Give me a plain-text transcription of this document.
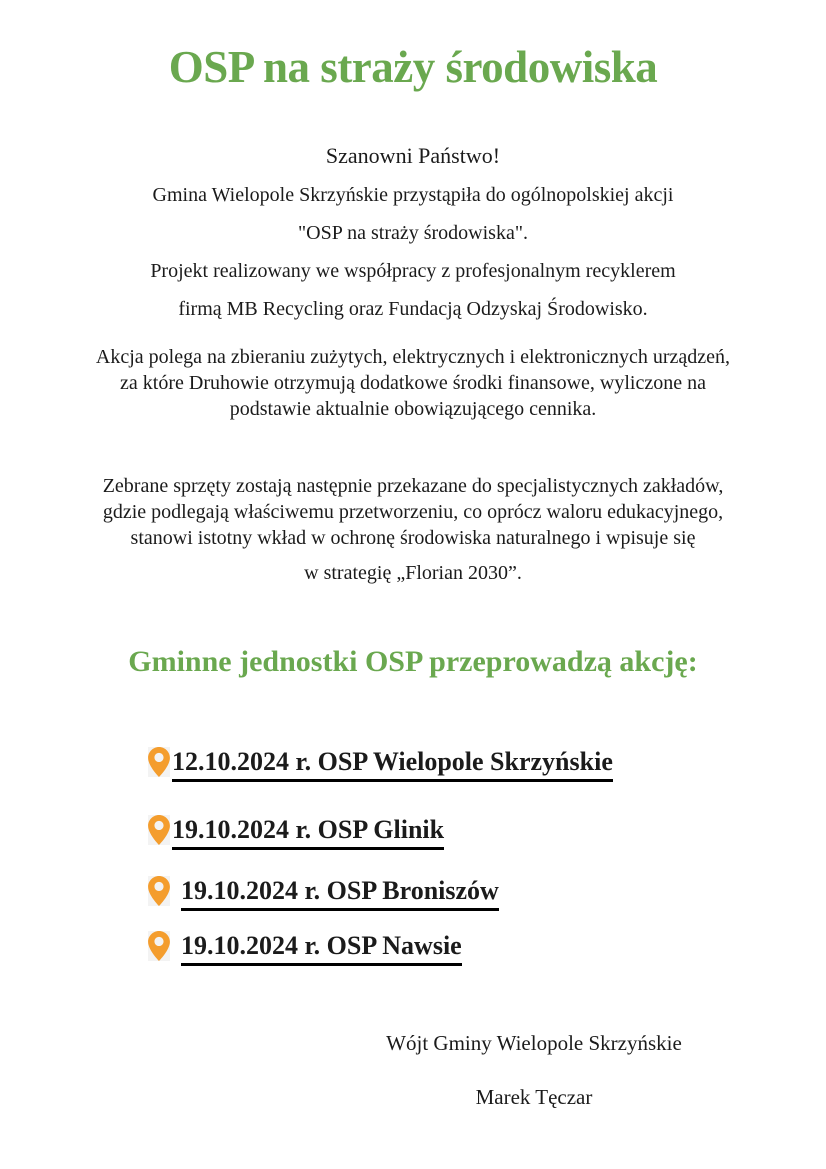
OSP na straży środowiska

Szanowni Państwo!

Gmina Wielopole Skrzyńskie przystąpiła do ogólnopolskiej akcji

"OSP na straży środowiska".

Projekt realizowany we współpracy z profesjonalnym recyklerem

firmą MB Recycling oraz Fundacją Odzyskaj Środowisko.

Akcja polega na zbieraniu zużytych, elektrycznych i elektronicznych urządzeń,
za które Druhowie otrzymują dodatkowe środki finansowe, wyliczone na
podstawie aktualnie obowiązującego cennika.
Zebrane sprzęty zostają następnie przekazane do specjalistycznych zakładów,
gdzie podlegają właściwemu przetworzeniu, co oprócz waloru edukacyjnego,
stanowi istotny wkład w ochronę środowiska naturalnego i wpisuje się

w strategię „Florian 2030”.

Gminne jednostki OSP przeprowadzą akcję:
12.10.2024 r. OSP Wielopole Skrzyńskie
19.10.2024 r. OSP Glinik
19.10.2024 r. OSP Broniszów
19.10.2024 r. OSP Nawsie

Wójt Gminy Wielopole Skrzyńskie

Marek Tęczar
